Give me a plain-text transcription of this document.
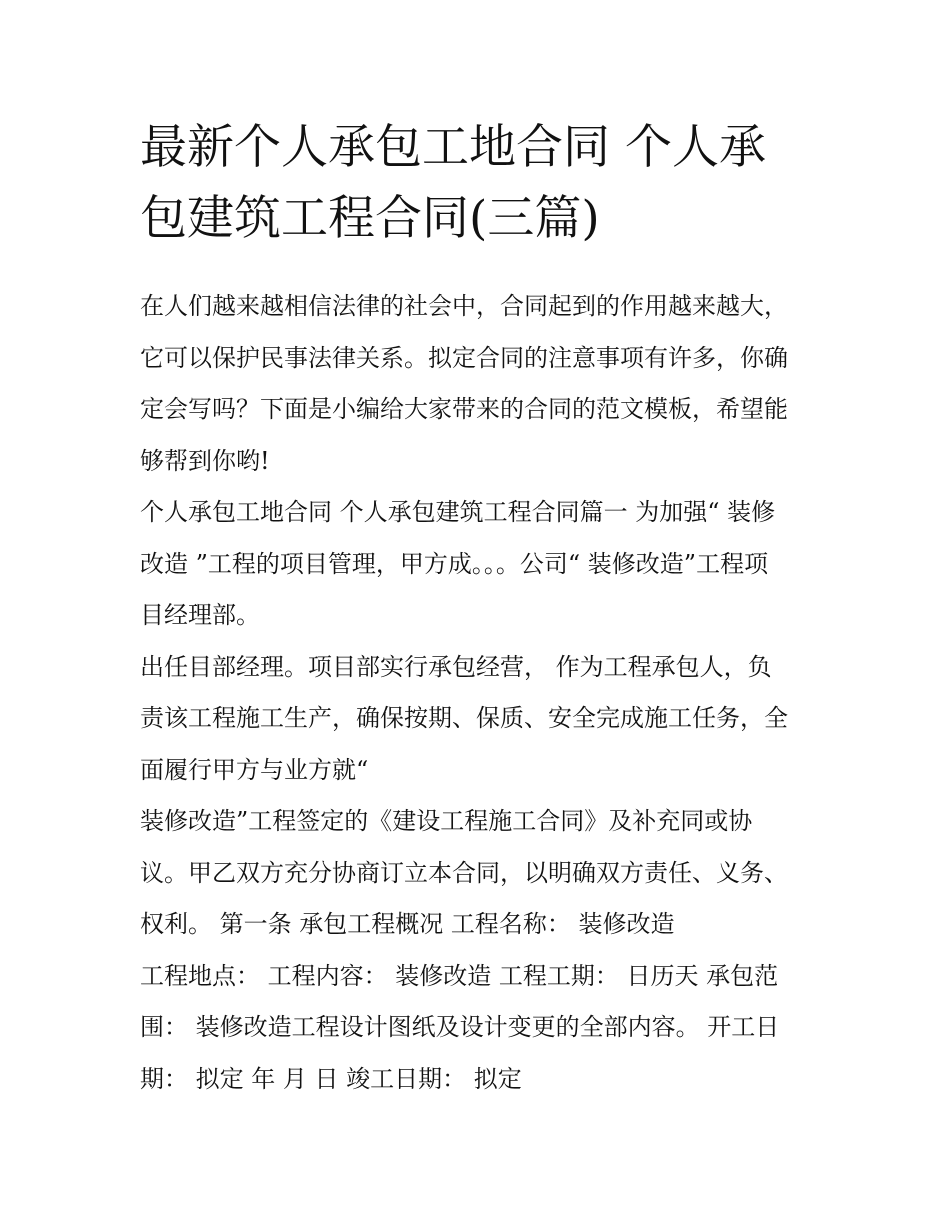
最新个人承包工地合同 个人承
包建筑工程合同(三篇)
在人们越来越相信法律的社会中，合同起到的作用越来越大，
它可以保护民事法律关系。拟定合同的注意事项有许多，你确
定会写吗？下面是小编给大家带来的合同的范文模板，希望能
够帮到你哟!
个人承包工地合同 个人承包建筑工程合同篇一 为加强“ 装修
改造 ”工程的项目管理，甲方成。。。公司“ 装修改造”工程项
目经理部。
出任目部经理。项目部实行承包经营， 作为工程承包人，负
责该工程施工生产，确保按期、保质、安全完成施工任务，全
面履行甲方与业方就“
装修改造”工程签定的《建设工程施工合同》及补充同或协
议。甲乙双方充分协商订立本合同，以明确双方责任、义务、
权利。 第一条 承包工程概况 工程名称： 装修改造
工程地点： 工程内容： 装修改造 工程工期： 日历天 承包范
围： 装修改造工程设计图纸及设计变更的全部内容。 开工日
期： 拟定 年 月 日 竣工日期： 拟定
